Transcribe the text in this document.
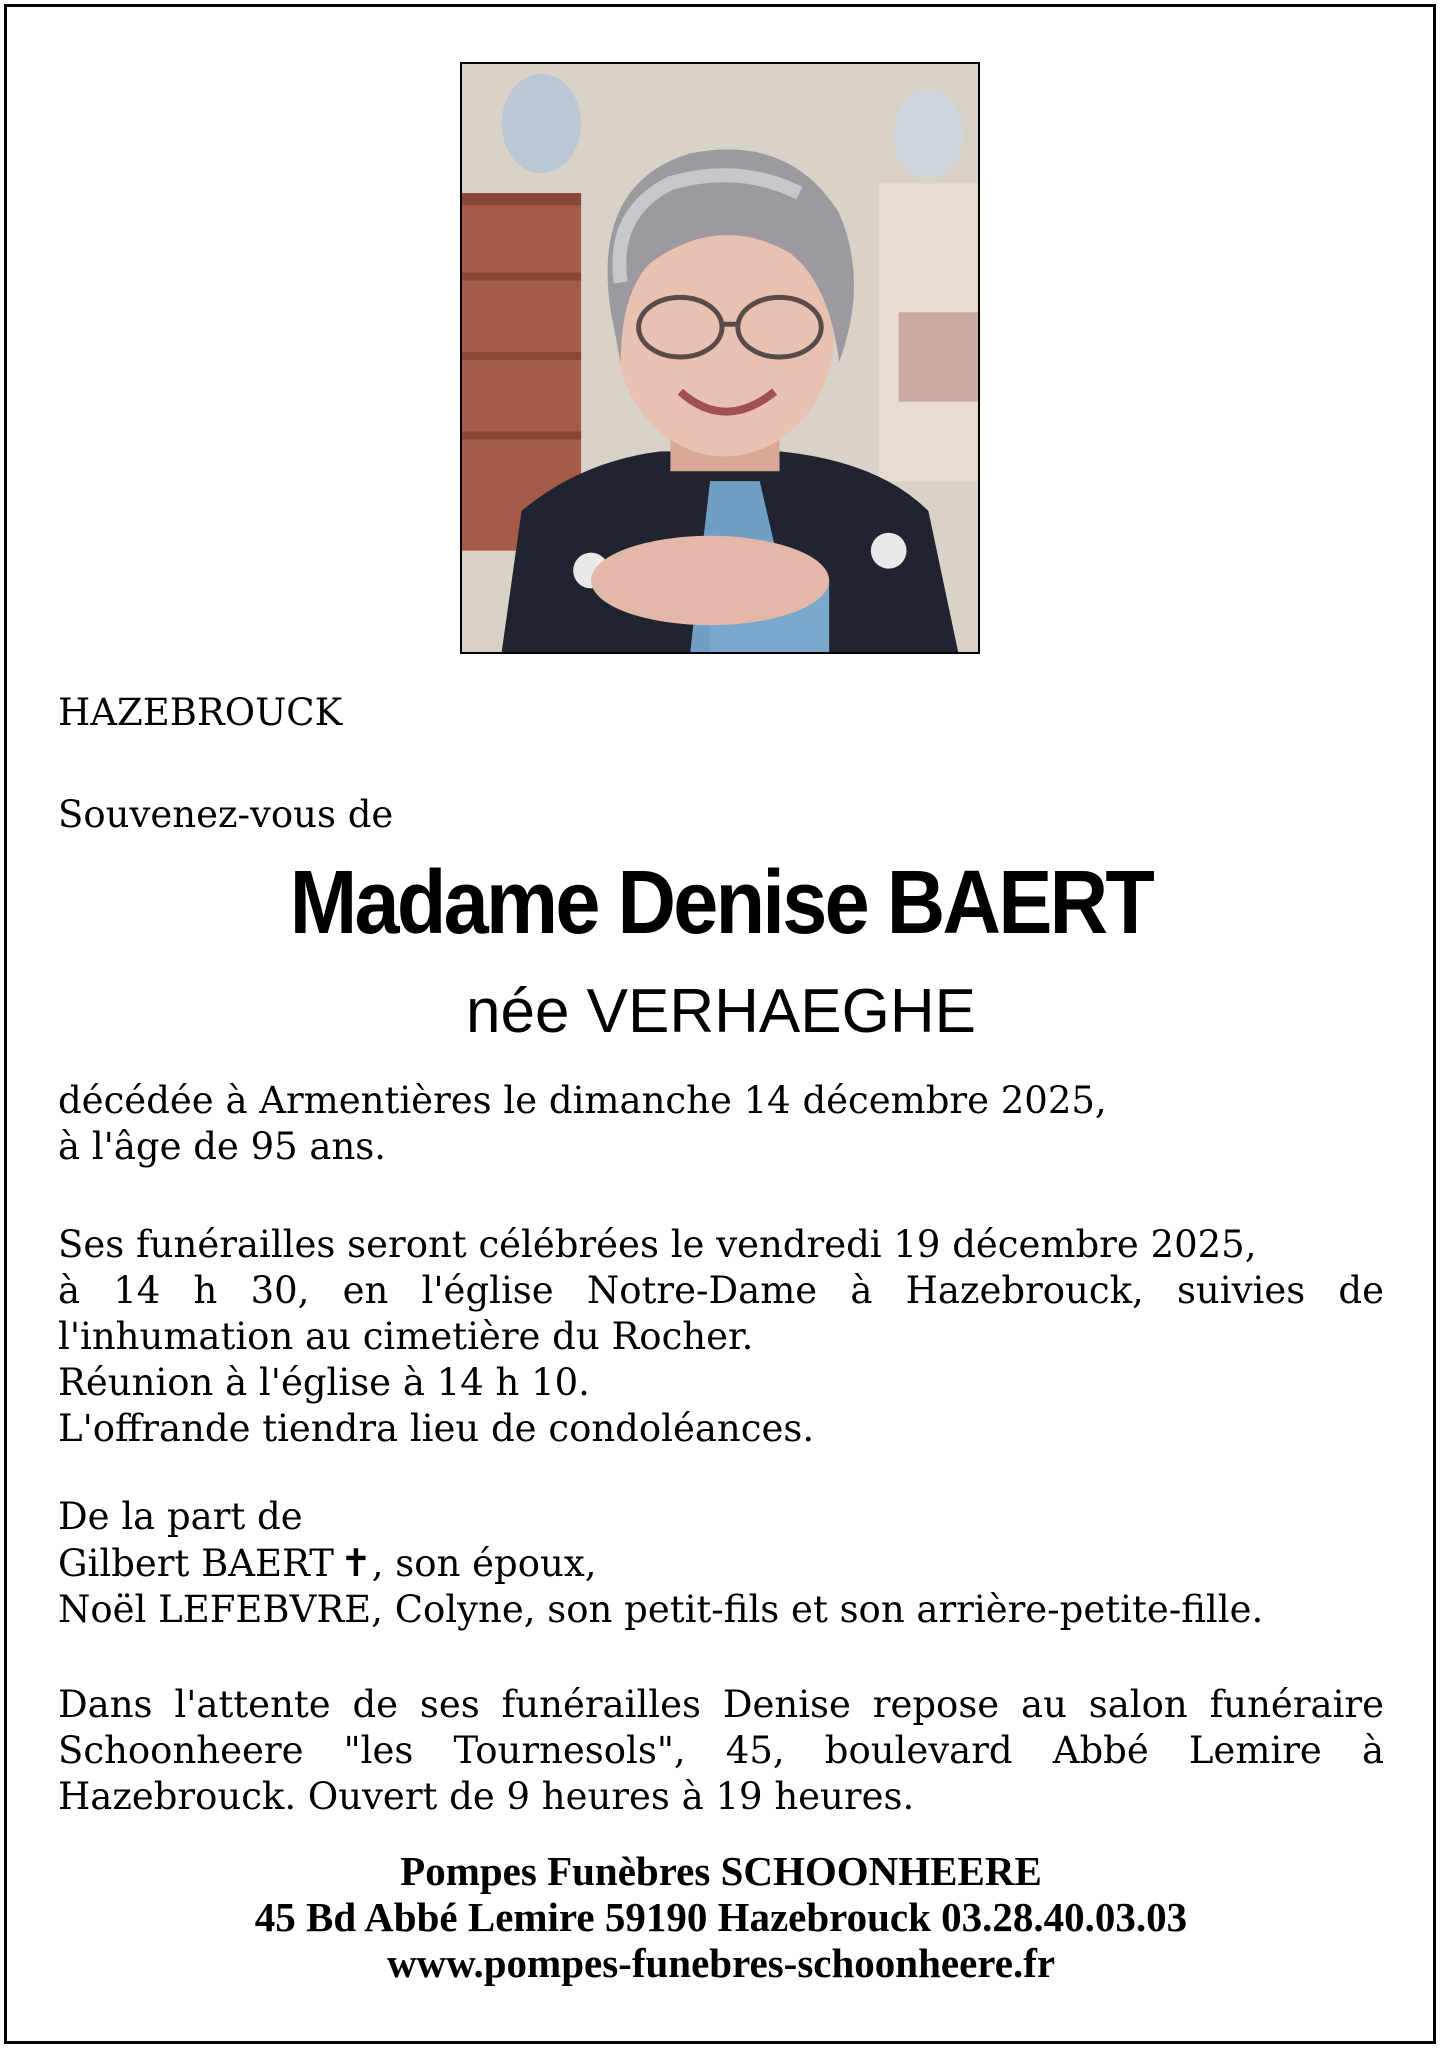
HAZEBROUCK
Souvenez-vous de
Madame Denise BAERT
née VERHAEGHE
décédée à Armentières le dimanche 14 décembre 2025,
à l'âge de 95 ans.
Ses funérailles seront célébrées le vendredi 19 décembre 2025,
à 14 h 30, en l'église Notre-Dame à Hazebrouck, suivies de l'inhumation au cimetière du Rocher.
Réunion à l'église à 14 h 10.
L'offrande tiendra lieu de condoléances.
De la part de
Gilbert BAERT ✝, son époux,
Noël LEFEBVRE, Colyne, son petit-fils et son arrière-petite-fille.
Dans l'attente de ses funérailles Denise repose au salon funéraire Schoonheere "les Tournesols", 45, boulevard Abbé Lemire à Hazebrouck. Ouvert de 9 heures à 19 heures.
Pompes Funèbres SCHOONHEERE
45 Bd Abbé Lemire 59190 Hazebrouck 03.28.40.03.03
www.pompes-funebres-schoonheere.fr
